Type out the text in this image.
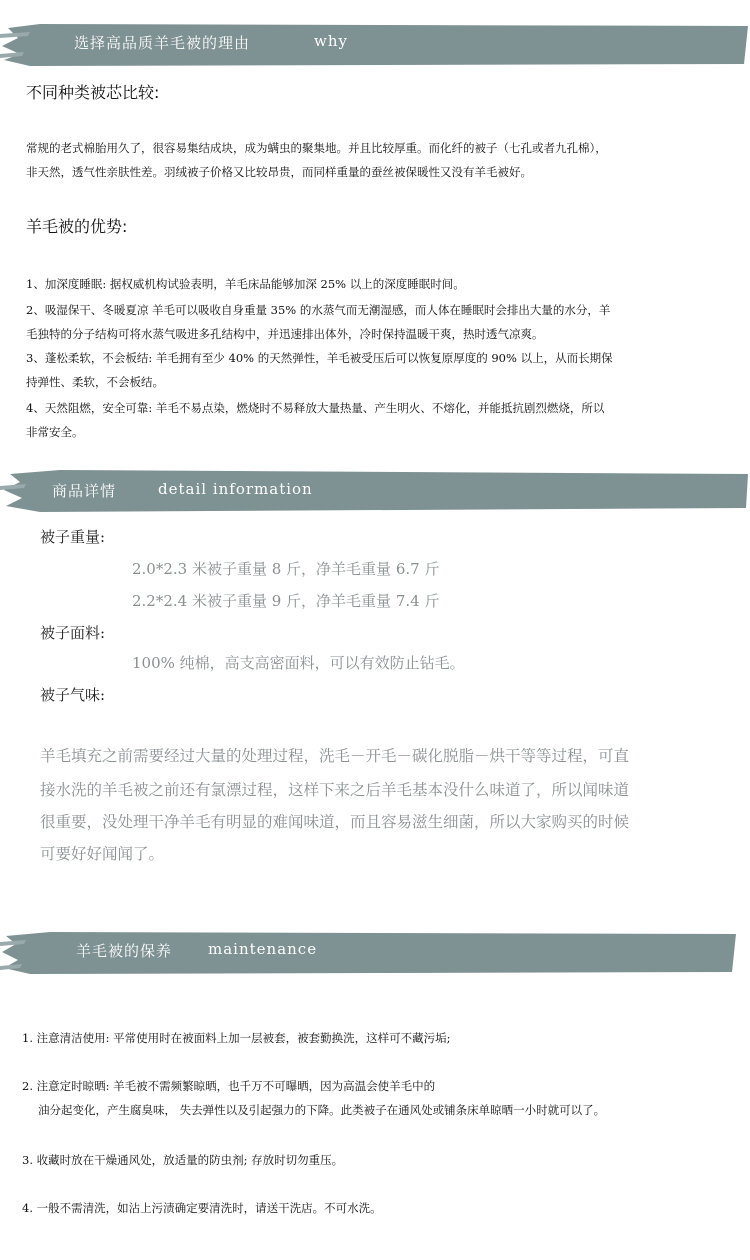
选择高品质羊毛被的理由	why
不同种类被芯比较:
常规的老式棉胎用久了，很容易集结成块，成为螨虫的聚集地。并且比较厚重。而化纤的被子（七孔或者九孔棉），
非天然，透气性亲肤性差。羽绒被子价格又比较昂贵，而同样重量的蚕丝被保暖性又没有羊毛被好。
羊毛被的优势:
1、加深度睡眠: 据权威机构试验表明，羊毛床品能够加深 25% 以上的深度睡眠时间。
2、吸湿保干、冬暖夏凉 羊毛可以吸收自身重量 35% 的水蒸气而无潮湿感，而人体在睡眠时会排出大量的水分，羊
毛独特的分子结构可将水蒸气吸进多孔结构中，并迅速排出体外，冷时保持温暖干爽，热时透气凉爽。
3、蓬松柔软，不会板结: 羊毛拥有至少 40% 的天然弹性，羊毛被受压后可以恢复原厚度的 90% 以上，从而长期保
持弹性、柔软，不会板结。
4、天然阻燃，安全可靠: 羊毛不易点染，燃烧时不易释放大量热量、产生明火、不熔化，并能抵抗剧烈燃烧，所以
非常安全。
商品详情	detail information
被子重量:
2.0*2.3 米被子重量 8 斤，净羊毛重量 6.7 斤
2.2*2.4 米被子重量 9 斤，净羊毛重量 7.4 斤
被子面料:
100% 纯棉，高支高密面料，可以有效防止钻毛。
被子气味:
羊毛填充之前需要经过大量的处理过程，洗毛－开毛－碳化脱脂－烘干等等过程，可直
接水洗的羊毛被之前还有氯漂过程，这样下来之后羊毛基本没什么味道了，所以闻味道
很重要，没处理干净羊毛有明显的难闻味道，而且容易滋生细菌，所以大家购买的时候
可要好好闻闻了。
羊毛被的保养 maintenance
1. 注意清洁使用: 平常使用时在被面料上加一层被套，被套勤换洗，这样可不藏污垢;
2. 注意定时晾晒: 羊毛被不需频繁晾晒，也千万不可曝晒，因为高温会使羊毛中的
油分起变化，产生腐臭味， 失去弹性以及引起强力的下降。此类被子在通风处或铺条床单晾晒一小时就可以了。
3. 收藏时放在干燥通风处，放适量的防虫剂; 存放时切勿重压。
4. 一般不需清洗，如沾上污渍确定要清洗时，请送干洗店。不可水洗。
